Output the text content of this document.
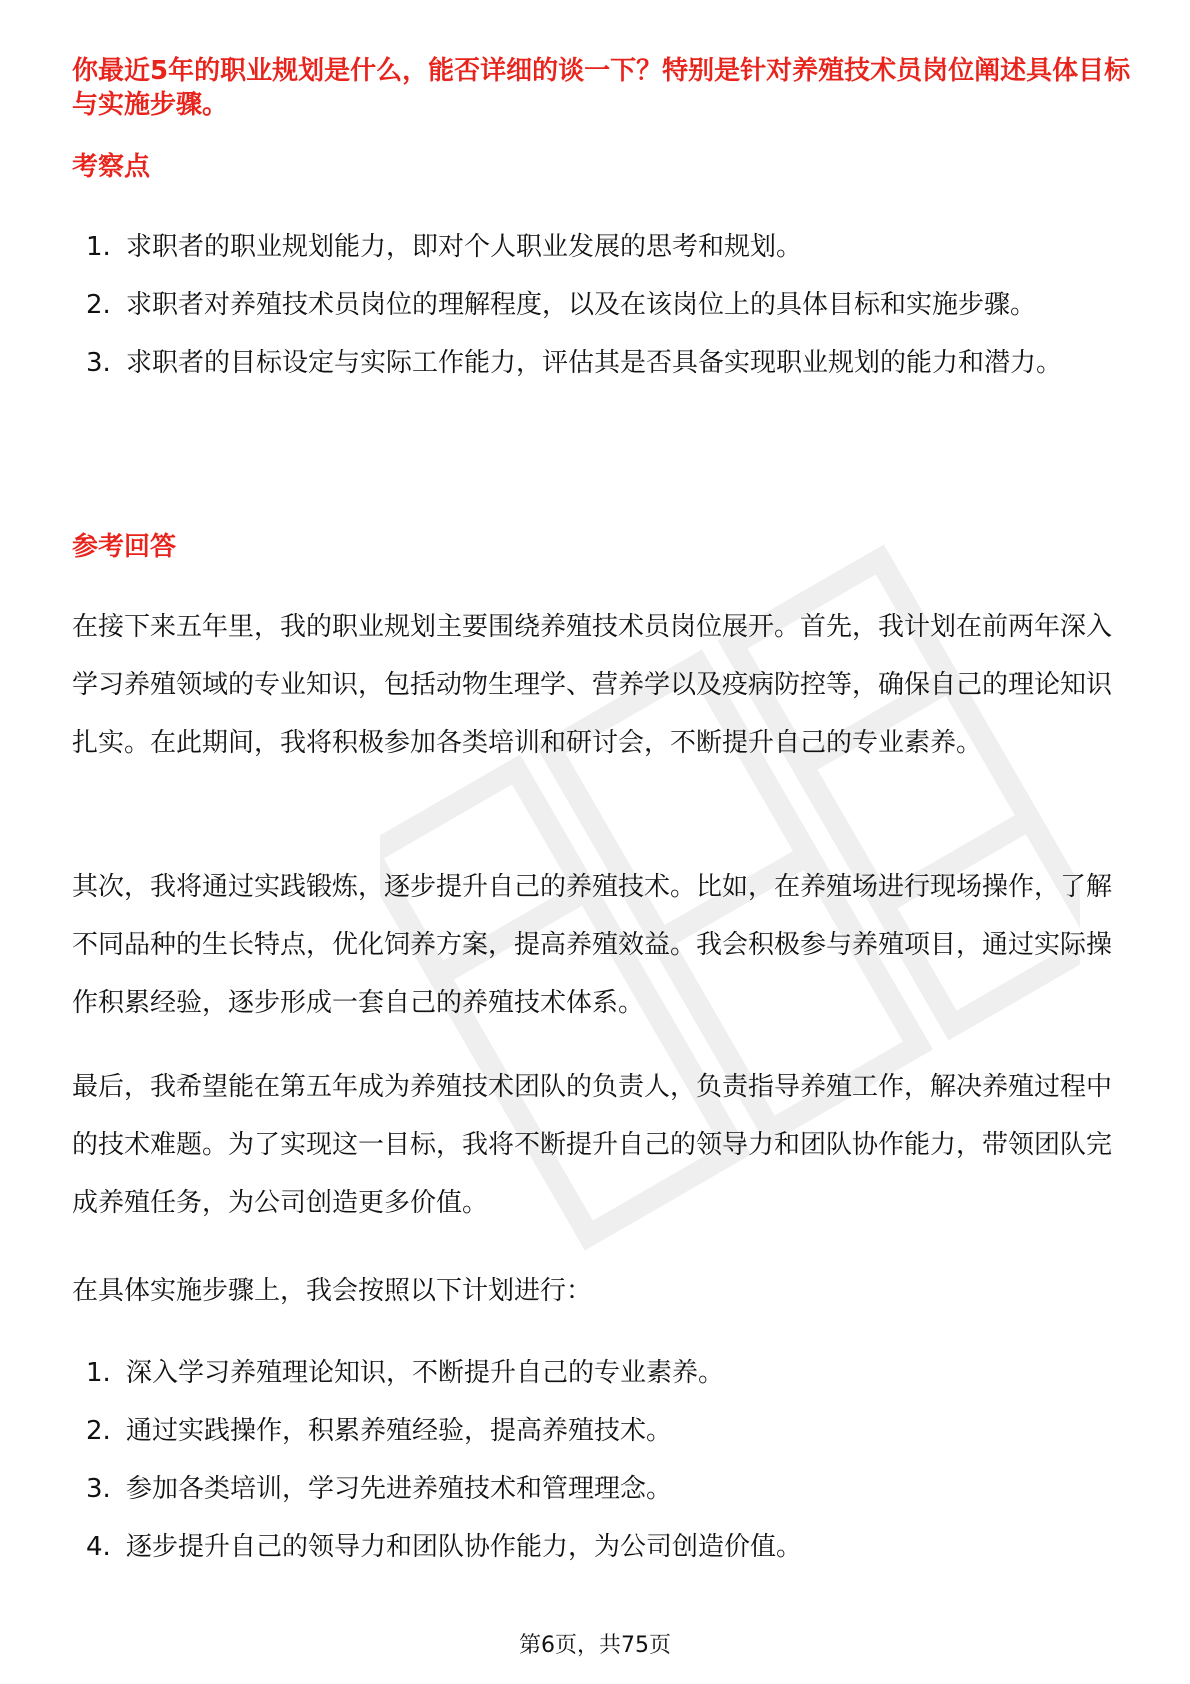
你最近5年的职业规划是什么，能否详细的谈一下？特别是针对养殖技术员岗位阐述具体目标与实施步骤。

考察点

1. 求职者的职业规划能力，即对个人职业发展的思考和规划。
2. 求职者对养殖技术员岗位的理解程度，以及在该岗位上的具体目标和实施步骤。
3. 求职者的目标设定与实际工作能力，评估其是否具备实现职业规划的能力和潜力。

参考回答

在接下来五年里，我的职业规划主要围绕养殖技术员岗位展开。首先，我计划在前两年深入学习养殖领域的专业知识，包括动物生理学、营养学以及疫病防控等，确保自己的理论知识扎实。在此期间，我将积极参加各类培训和研讨会，不断提升自己的专业素养。

其次，我将通过实践锻炼，逐步提升自己的养殖技术。比如，在养殖场进行现场操作，了解不同品种的生长特点，优化饲养方案，提高养殖效益。我会积极参与养殖项目，通过实际操作积累经验，逐步形成一套自己的养殖技术体系。

最后，我希望能在第五年成为养殖技术团队的负责人，负责指导养殖工作，解决养殖过程中的技术难题。为了实现这一目标，我将不断提升自己的领导力和团队协作能力，带领团队完成养殖任务，为公司创造更多价值。

在具体实施步骤上，我会按照以下计划进行：

1. 深入学习养殖理论知识，不断提升自己的专业素养。
2. 通过实践操作，积累养殖经验，提高养殖技术。
3. 参加各类培训，学习先进养殖技术和管理理念。
4. 逐步提升自己的领导力和团队协作能力，为公司创造价值。
第6页，共75页
